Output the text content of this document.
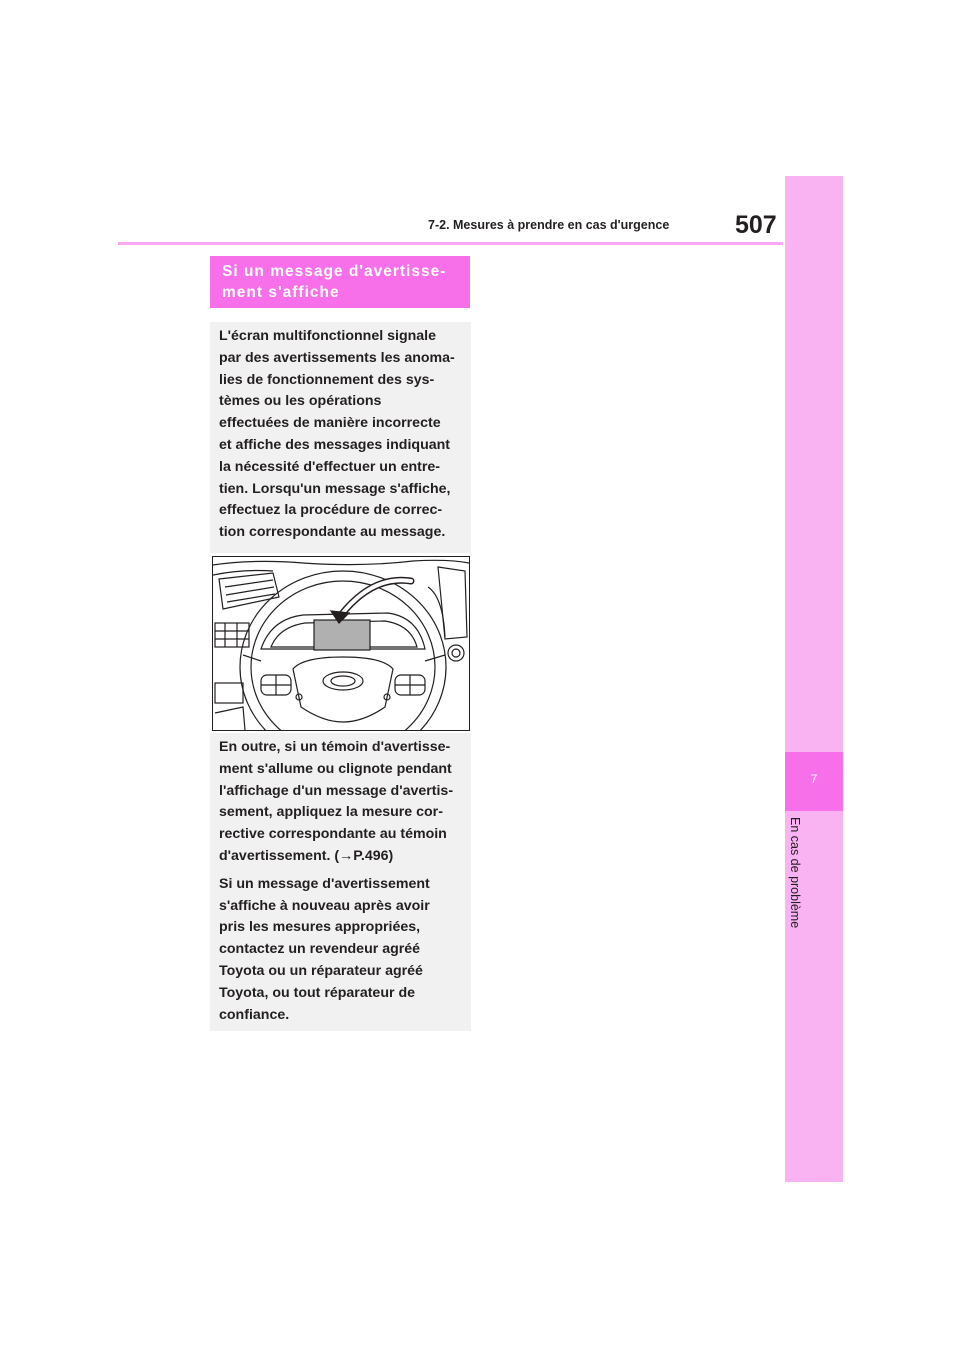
7-2. Mesures à prendre en cas d'urgence	507
7
En cas de problème
Si un message d'avertisse-
ment s'affiche

L'écran multifonctionnel signale
par des avertissements les anoma-
lies de fonctionnement des sys-
tèmes ou les opérations
effectuées de manière incorrecte
et affiche des messages indiquant
la nécessité d'effectuer un entre-
tien. Lorsqu'un message s'affiche,
effectuez la procédure de correc-
tion correspondante au message.

En outre, si un témoin d'avertisse-
ment s'allume ou clignote pendant
l'affichage d'un message d'avertis-
sement, appliquez la mesure cor-
rective correspondante au témoin
d'avertissement. (→P.496)

Si un message d'avertissement
s'affiche à nouveau après avoir
pris les mesures appropriées,
contactez un revendeur agréé
Toyota ou un réparateur agréé
Toyota, ou tout réparateur de
confiance.
